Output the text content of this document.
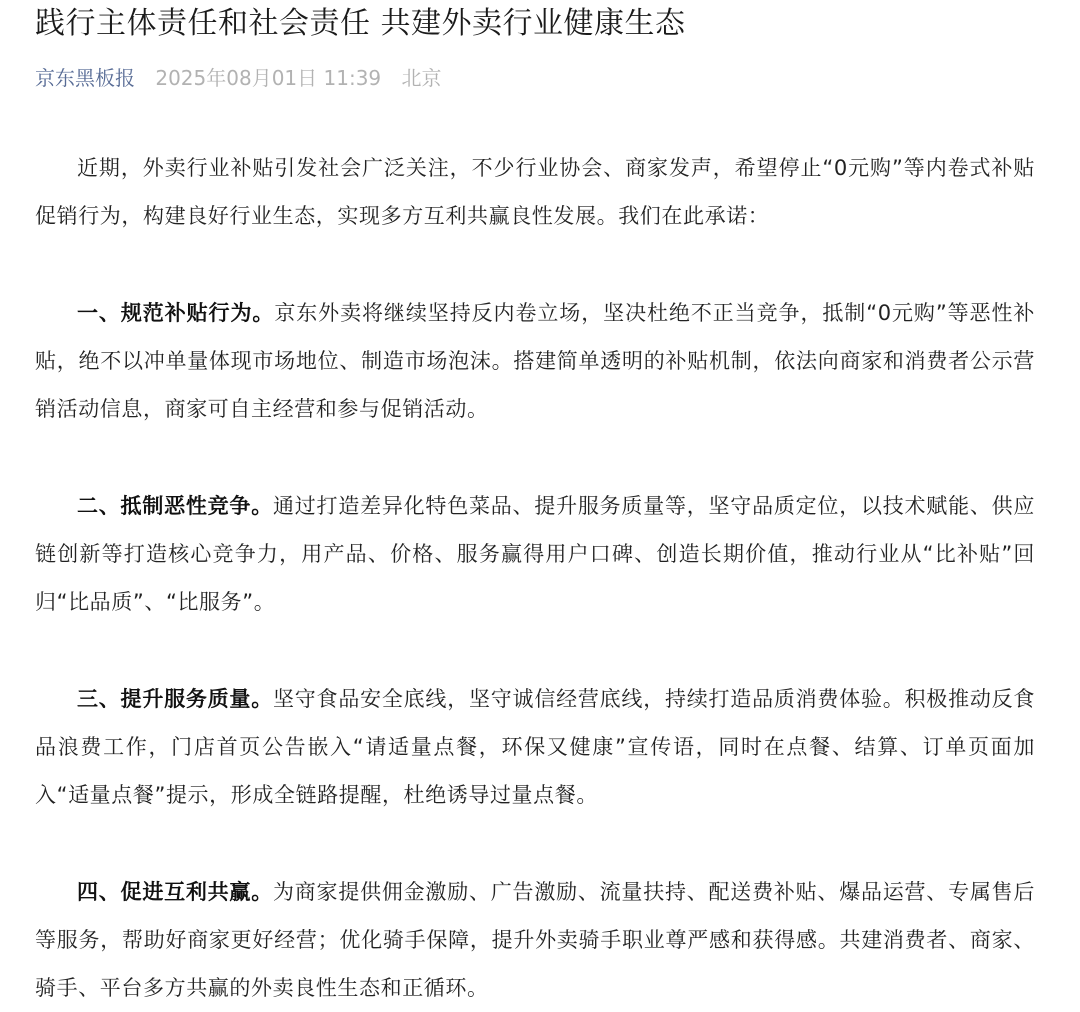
践行主体责任和社会责任 共建外卖行业健康生态
京东黑板报 2025年08月01日 11:39 北京

近期，外卖行业补贴引发社会广泛关注，不少行业协会、商家发声，希望停止“0元购”等内卷式补贴促销行为，构建良好行业生态，实现多方互利共赢良性发展。我们在此承诺：

一、规范补贴行为。京东外卖将继续坚持反内卷立场，坚决杜绝不正当竞争，抵制“0元购”等恶性补贴，绝不以冲单量体现市场地位、制造市场泡沫。搭建简单透明的补贴机制，依法向商家和消费者公示营销活动信息，商家可自主经营和参与促销活动。

二、抵制恶性竞争。通过打造差异化特色菜品、提升服务质量等，坚守品质定位，以技术赋能、供应链创新等打造核心竞争力，用产品、价格、服务赢得用户口碑、创造长期价值，推动行业从“比补贴”回归“比品质”、“比服务”。

三、提升服务质量。坚守食品安全底线，坚守诚信经营底线，持续打造品质消费体验。积极推动反食品浪费工作，门店首页公告嵌入“请适量点餐，环保又健康”宣传语，同时在点餐、结算、订单页面加入“适量点餐”提示，形成全链路提醒，杜绝诱导过量点餐。

四、促进互利共赢。为商家提供佣金激励、广告激励、流量扶持、配送费补贴、爆品运营、专属售后等服务，帮助好商家更好经营；优化骑手保障，提升外卖骑手职业尊严感和获得感。共建消费者、商家、骑手、平台多方共赢的外卖良性生态和正循环。
